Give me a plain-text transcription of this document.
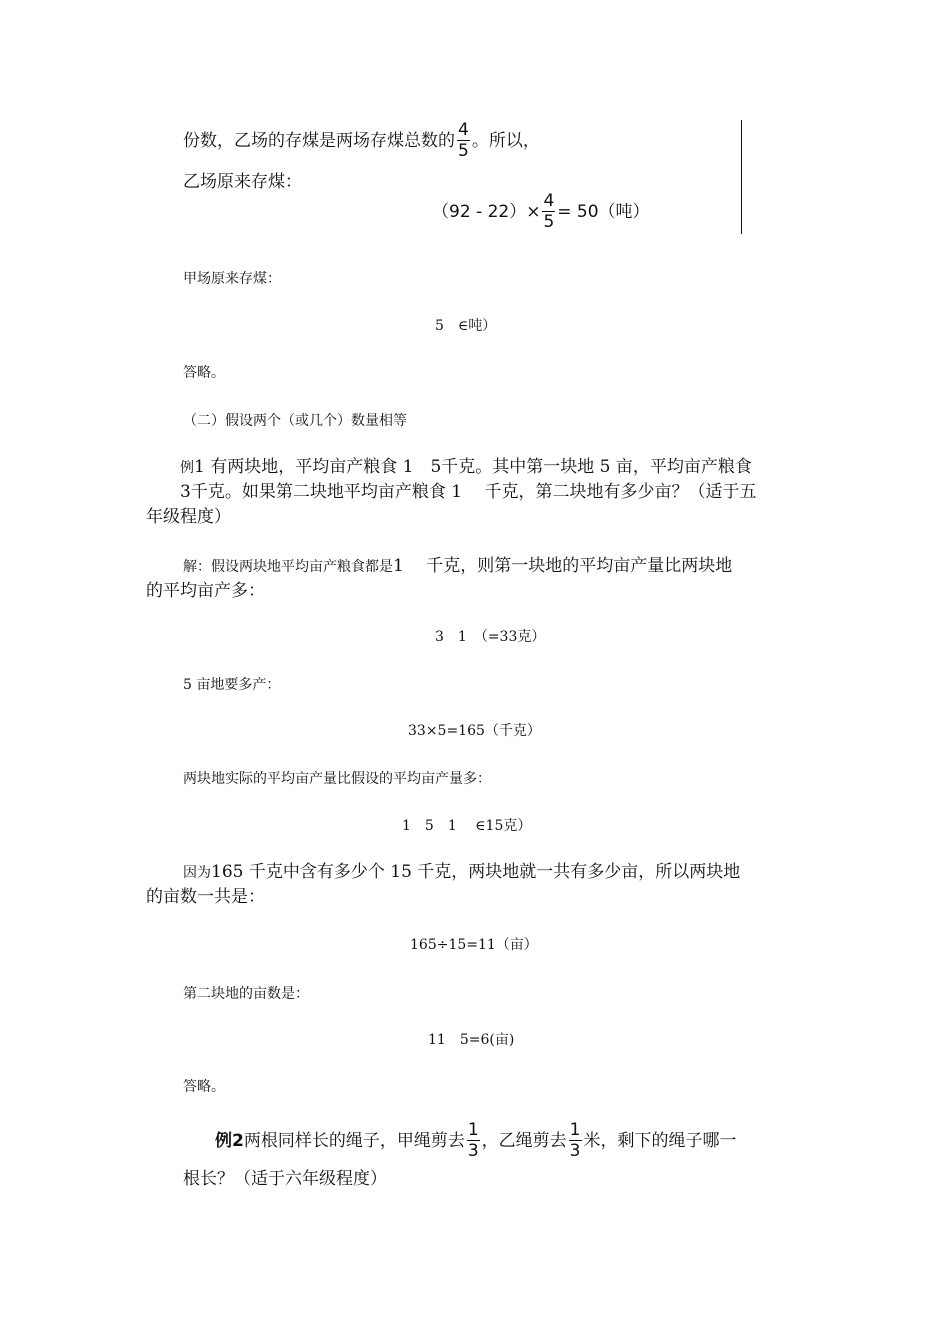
份数，乙场的存煤是两场存煤总数的 $\frac{4}{5}$ 。所以，
乙场原来存煤：
$(92 - 22)\times \frac{4}{5} = 50$（吨）
甲场原来存煤：
5　∈吨）
答略。
（二）假设两个（或几个）数量相等
例1 有两块地，平均亩产粮食 1　5千克。其中第一块地 5 亩，平均亩产粮食
3千克。如果第二块地平均亩产粮食 1　 千克，第二块地有多少亩？（适于五
年级程度）
解：假设两块地平均亩产粮食都是1　 千克，则第一块地的平均亩产量比两块地
的平均亩产多：
3　1　（=33克）
5 亩地要多产：
33×5=165（千克）
两块地实际的平均亩产量比假设的平均亩产量多：
1　5　1　 ∈15克）
因为165 千克中含有多少个 15 千克，两块地就一共有多少亩，所以两块地
的亩数一共是：
165÷15=11（亩）
第二块地的亩数是：
11　5=6(亩)
答略。
例2两根同样长的绳子，甲绳剪去 $\frac{1}{3}$ ，乙绳剪去 $\frac{1}{3}$ 米，剩下的绳子哪一
根长？（适于六年级程度）
